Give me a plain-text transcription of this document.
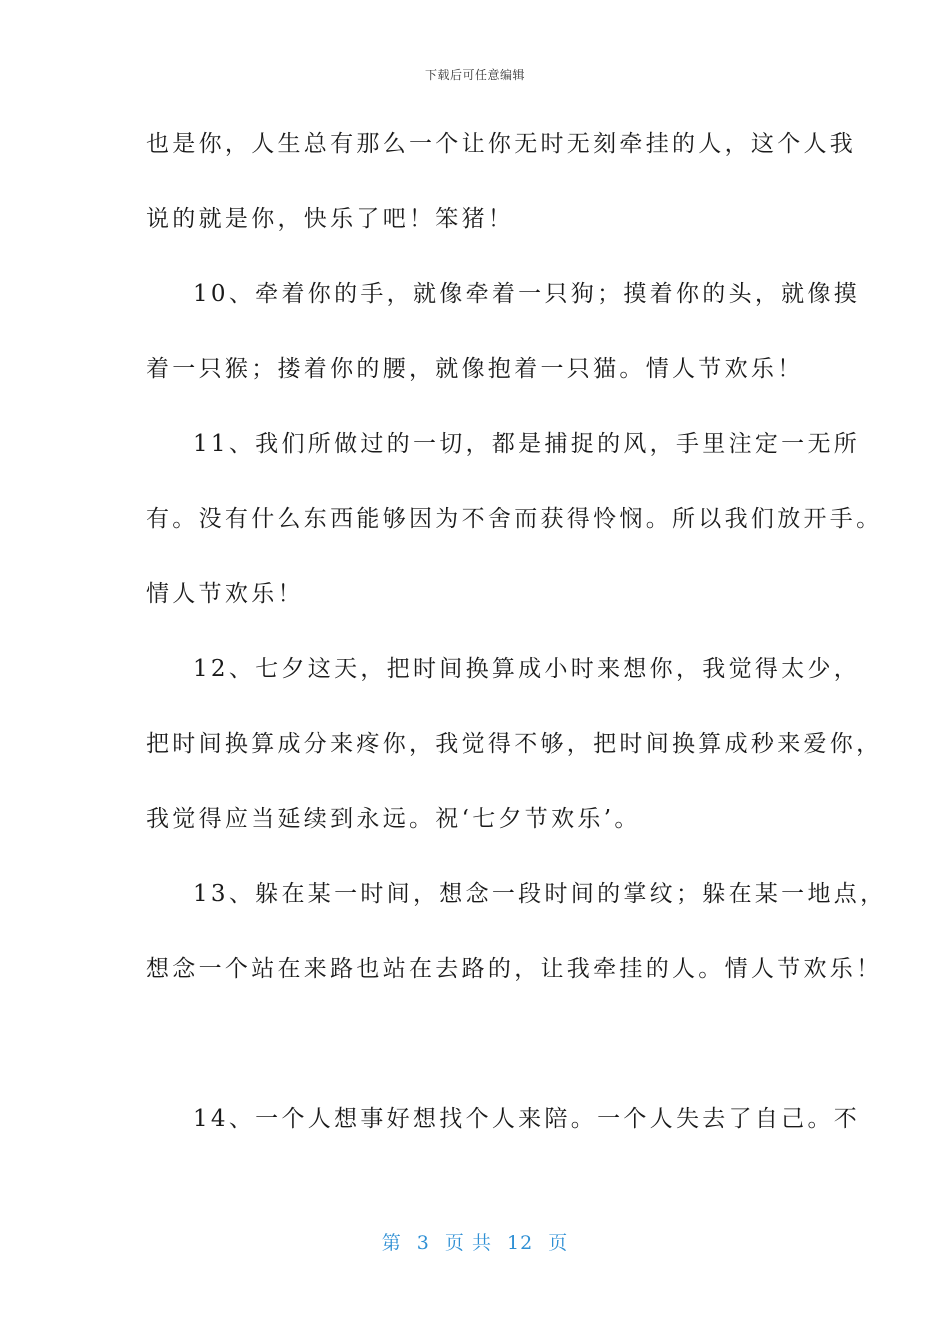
下载后可任意编辑
也是你，人生总有那么一个让你无时无刻牵挂的人，这个人我
说的就是你，快乐了吧！笨猪！
10、牵着你的手，就像牵着一只狗；摸着你的头，就像摸
着一只猴；搂着你的腰，就像抱着一只猫。情人节欢乐！
11、我们所做过的一切，都是捕捉的风，手里注定一无所
有。没有什么东西能够因为不舍而获得怜悯。所以我们放开手。
情人节欢乐！
12、七夕这天，把时间换算成小时来想你，我觉得太少，
把时间换算成分来疼你，我觉得不够，把时间换算成秒来爱你，
我觉得应当延续到永远。祝‘七夕节欢乐’。
13、躲在某一时间，想念一段时间的掌纹；躲在某一地点，
想念一个站在来路也站在去路的，让我牵挂的人。情人节欢乐！
14、一个人想事好想找个人来陪。一个人失去了自己。不
第 3 页 共 12 页
